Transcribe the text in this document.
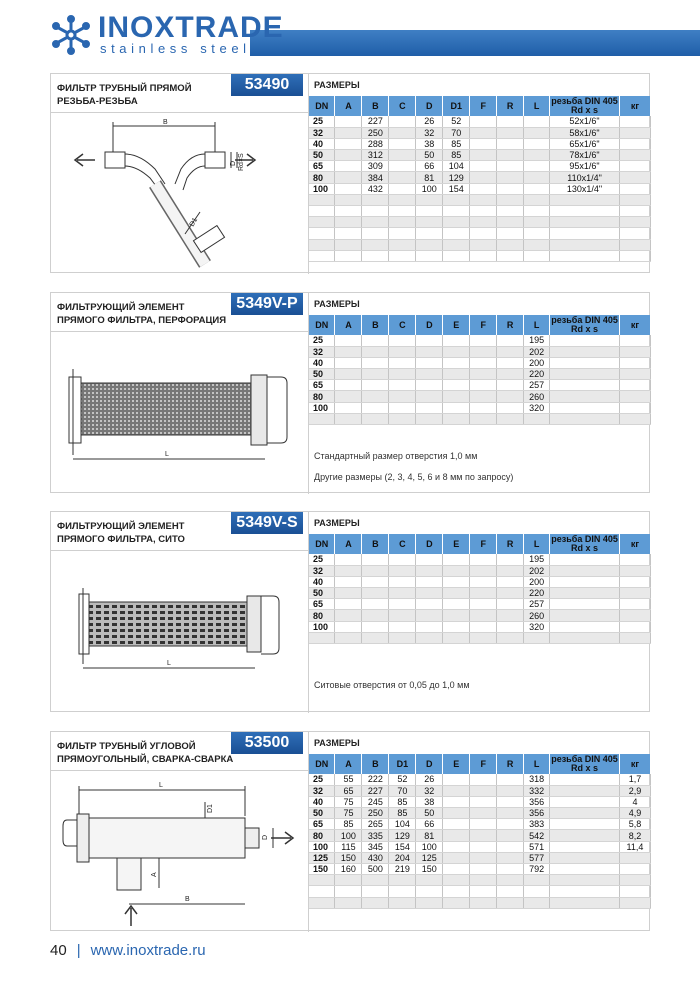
INOXTRADE
stainless steel
ФИЛЬТР ТРУБНЫЙ ПРЯМОЙ
РЕЗЬБА-РЕЗЬБА
53490	РАЗМЕРЫ
B
D1
D Rd×S
DN	A	B	C	D	D1	F	R	L	резьба DIN 405 Rd x s	кг
25		227		26	52				52x1/6"	
32		250		32	70				58x1/6"	
40		288		38	85				65x1/6"	
50		312		50	85				78x1/6"	
65		309		66	104				95x1/6"	
80		384		81	129				110x1/4"	
100		432		100	154				130x1/4"	

ФИЛЬТРУЮЩИЙ ЭЛЕМЕНТ
ПРЯМОГО ФИЛЬТРА, ПЕРФОРАЦИЯ
5349V-P	РАЗМЕРЫ
L
DN	A	B	C	D	E	F	R	L	резьба DIN 405 Rd x s	кг
25								195		
32								202		
40								200		
50								220		
65								257		
80								260		
100								320		

Стандартный размер отверстия 1,0 мм
Другие размеры (2, 3, 4, 5, 6 и 8 мм по запросу)
ФИЛЬТРУЮЩИЙ ЭЛЕМЕНТ
ПРЯМОГО ФИЛЬТРА, СИТО
5349V-S	РАЗМЕРЫ
L
DN	A	B	C	D	E	F	R	L	резьба DIN 405 Rd x s	кг
25								195		
32								202		
40								200		
50								220		
65								257		
80								260		
100								320		

Ситовые отверстия от 0,05 до 1,0 мм
ФИЛЬТР ТРУБНЫЙ УГЛОВОЙ
ПРЯМОУГОЛЬНЫЙ, СВАРКА-СВАРКА
53500	РАЗМЕРЫ
L
D1
D
A
B
DN	A	B	D1	D	E	F	R	L	резьба DIN 405 Rd x s	кг
25	55	222	52	26				318		1,7
32	65	227	70	32				332		2,9
40	75	245	85	38				356		4
50	75	250	85	50				356		4,9
65	85	265	104	66				383		5,8
80	100	335	129	81				542		8,2
100	115	345	154	100				571		11,4
125	150	430	204	125				577		
150	160	500	219	150				792		

40 | www.inoxtrade.ru
